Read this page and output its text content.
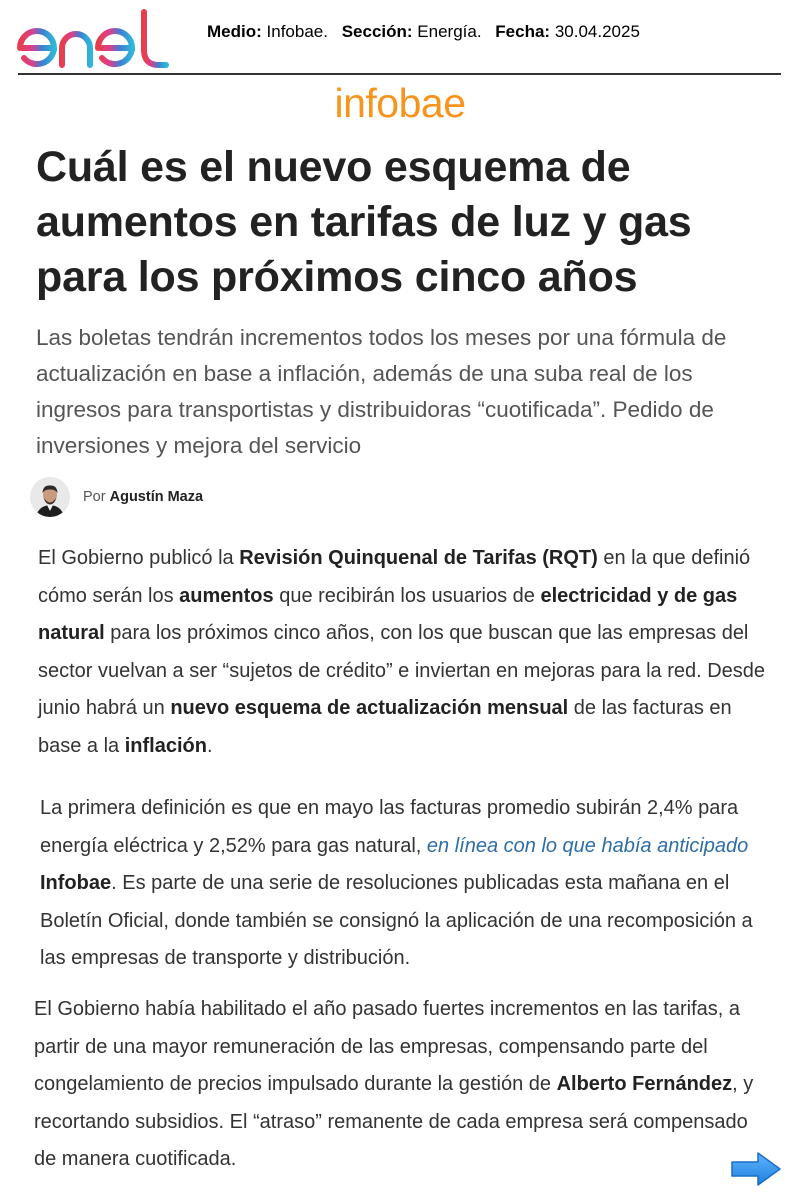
Medio: Infobae. Sección: Energía. Fecha: 30.04.2025
infobae
Cuál es el nuevo esquema de aumentos en tarifas de luz y gas para los próximos cinco años

Las boletas tendrán incrementos todos los meses por una fórmula de actualización en base a inflación, además de una suba real de los ingresos para transportistas y distribuidoras “cuotificada”. Pedido de inversiones y mejora del servicio

Por Agustín Maza

El Gobierno publicó la Revisión Quinquenal de Tarifas (RQT) en la que definió cómo serán los aumentos que recibirán los usuarios de electricidad y de gas natural para los próximos cinco años, con los que buscan que las empresas del sector vuelvan a ser “sujetos de crédito” e inviertan en mejoras para la red. Desde junio habrá un nuevo esquema de actualización mensual de las facturas en base a la inflación.

La primera definición es que en mayo las facturas promedio subirán 2,4% para energía eléctrica y 2,52% para gas natural, en línea con lo que había anticipado Infobae. Es parte de una serie de resoluciones publicadas esta mañana en el Boletín Oficial, donde también se consignó la aplicación de una recomposición a las empresas de transporte y distribución.

El Gobierno había habilitado el año pasado fuertes incrementos en las tarifas, a partir de una mayor remuneración de las empresas, compensando parte del congelamiento de precios impulsado durante la gestión de Alberto Fernández, y recortando subsidios. El “atraso” remanente de cada empresa será compensado de manera cuotificada.
